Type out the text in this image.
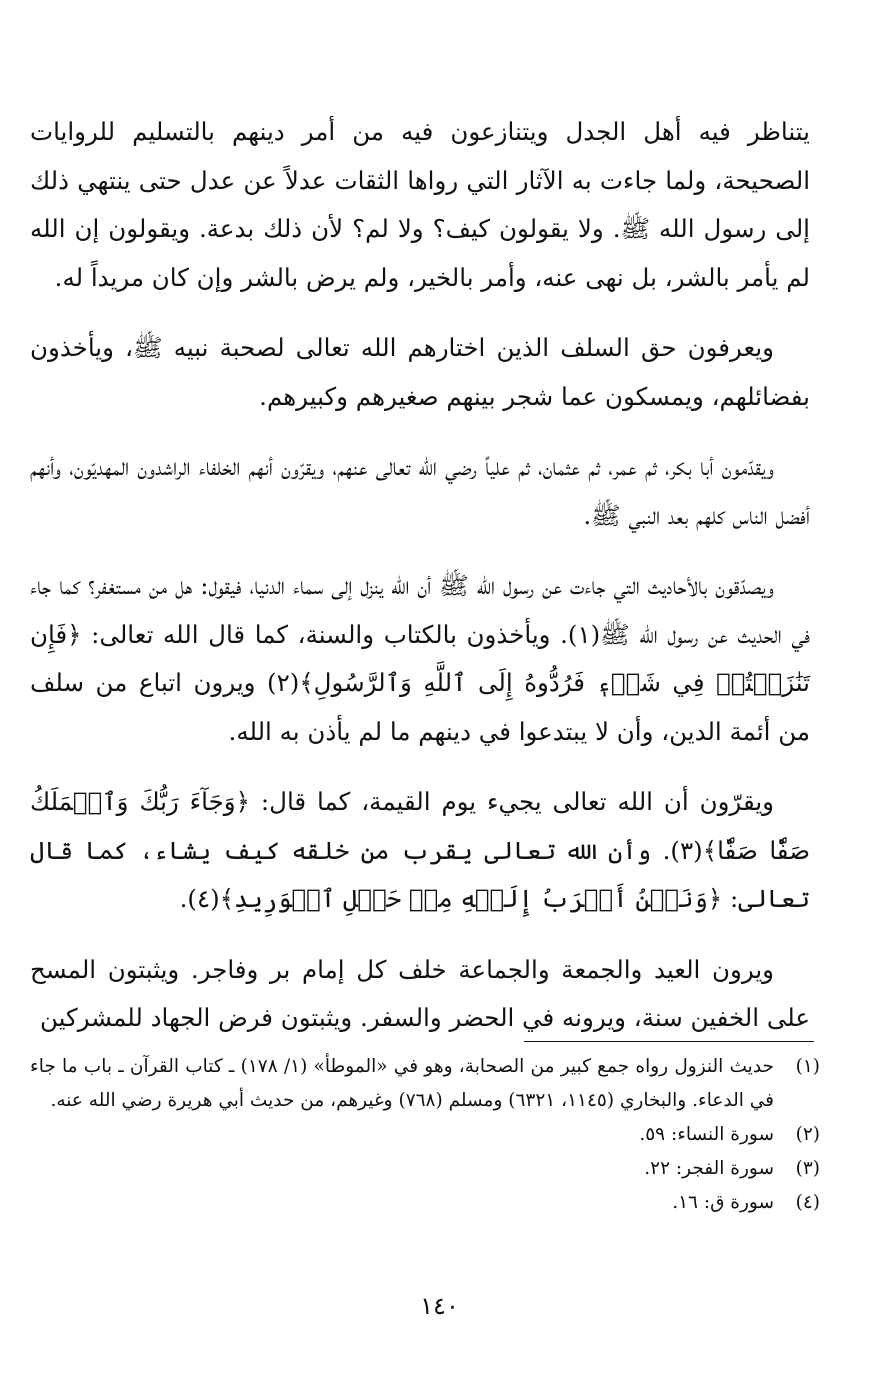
يتناظر فيه أهل الجدل ويتنازعون فيه من أمر دينهم بالتسليم للروايات الصحيحة، ولما جاءت به الآثار التي رواها الثقات عدلاً عن عدل حتى ينتهي ذلك إلى رسول الله ﷺ. ولا يقولون كيف؟ ولا لم؟ لأن ذلك بدعة. ويقولون إن الله لم يأمر بالشر، بل نهى عنه، وأمر بالخير، ولم يرض بالشر وإن كان مريداً له.

ويعرفون حق السلف الذين اختارهم الله تعالى لصحبة نبيه ﷺ، ويأخذون بفضائلهم، ويمسكون عما شجر بينهم صغيرهم وكبيرهم.

ويقدّمون أبا بكر، ثم عمر، ثم عثمان، ثم علياً رضي الله تعالى عنهم، ويقرّون أنهم الخلفاء الراشدون المهديّون، وأنهم أفضل الناس كلهم بعد النبي ﷺ.

ويصدّقون بالأحاديث التي جاءت عن رسول الله ﷺ أن الله ينزل إلى سماء الدنيا، فيقول: هل من مستغفر؟ كما جاء في الحديث عن رسول الله ﷺ(١). ويأخذون بالكتاب والسنة، كما قال الله تعالى: ﴿فَإِن تَنَٰزَعۡتُمۡ فِي شَيۡءٖ فَرُدُّوهُ إِلَى ٱللَّهِ وَٱلرَّسُولِ﴾(٢) ويرون اتباع من سلف من أئمة الدين، وأن لا يبتدعوا في دينهم ما لم يأذن به الله.

ويقرّون أن الله تعالى يجيء يوم القيمة، كما قال: ﴿وَجَآءَ رَبُّكَ وَٱلۡمَلَكُ صَفّٗا صَفّٗا﴾(٣). وأن الله تعالى يقرب من خلقه كيف يشاء، كما قال تعالى: ﴿وَنَحۡنُ أَقۡرَبُ إِلَيۡهِ مِنۡ حَبۡلِ ٱلۡوَرِيدِ﴾(٤).

ويرون العيد والجمعة والجماعة خلف كل إمام بر وفاجر. ويثبتون المسح على الخفين سنة، ويرونه في الحضر والسفر. ويثبتون فرض الجهاد للمشركين

(١)
حديث النزول رواه جمع كبير من الصحابة، وهو في «الموطأ» (١/ ١٧٨) ـ كتاب القرآن ـ باب ما جاء في الدعاء. والبخاري (١١٤٥، ٦٣٢١) ومسلم (٧٦٨) وغيرهم، من حديث أبي هريرة رضي الله عنه.
(٢)
سورة النساء: ٥٩.
(٣)
سورة الفجر: ٢٢.
(٤)
سورة ق: ١٦.
١٤٠
